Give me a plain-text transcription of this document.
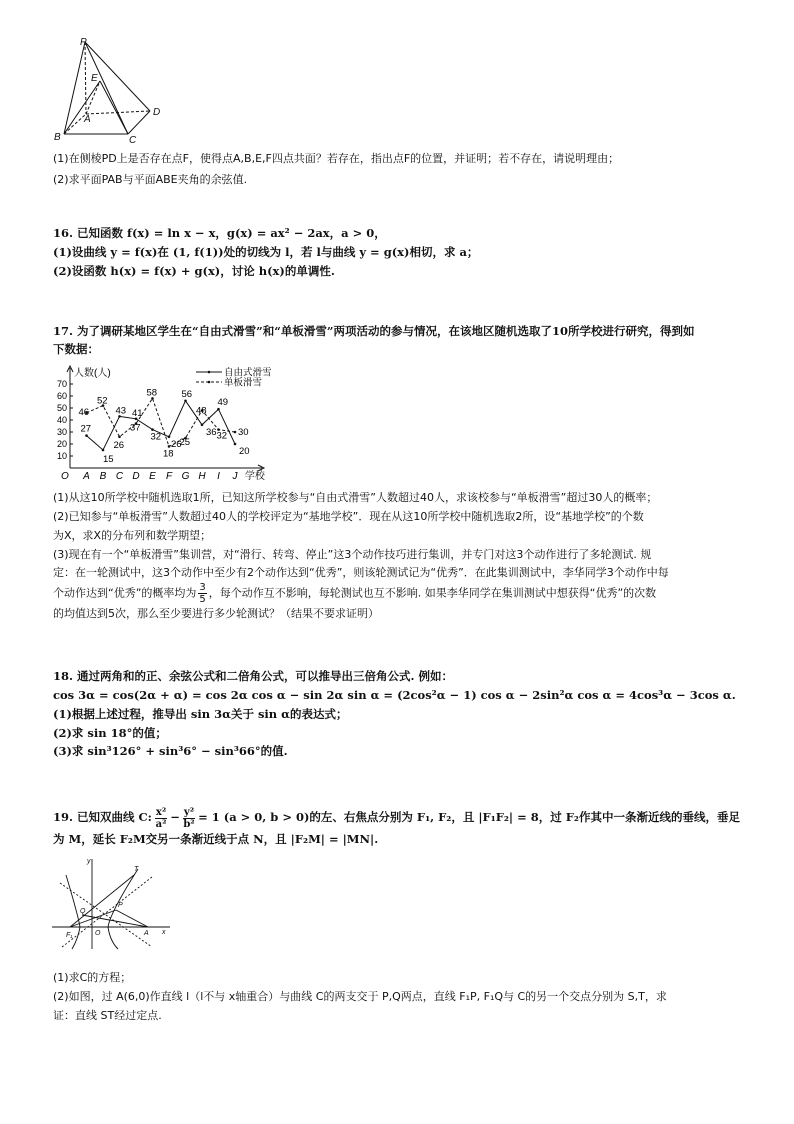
P
E
A
D
B	C
(1)在侧棱PD上是否存在点F，使得点A,B,E,F四点共面？若存在，指出点F的位置，并证明；若不存在，请说明理由；
(2)求平面PAB与平面ABE夹角的余弦值.
16. 已知函数 f(x) = ln x − x，g(x) = ax² − 2ax，a > 0，
(1)设曲线 y = f(x)在 (1, f(1))处的切线为 l，若 l与曲线 y = g(x)相切，求 a；
(2)设函数 h(x) = f(x) + g(x)，讨论 h(x)的单调性.
17. 为了调研某地区学生在“自由式滑雪”和“单板滑雪”两项活动的参与情况，在该地区随机选取了10所学校进行研究，得到如
下数据：
O
人数(人)
学校
10
20
30
40
50
60
70
A B C D E F G H I J
27
15
43 41
32
26
56
36
49
20
46
52
26
37
58
18
25
48
32 30
自由式滑雪
单板滑雪
(1)从这10所学校中随机选取1所，已知这所学校参与“自由式滑雪”人数超过40人，求该校参与“单板滑雪”超过30人的概率；
(2)已知参与“单板滑雪”人数超过40人的学校评定为“基地学校”．现在从这10所学校中随机选取2所，设“基地学校”的个数
为X，求X的分布列和数学期望；
(3)现在有一个“单板滑雪”集训营，对“滑行、转弯、停止”这3个动作技巧进行集训，并专门对这3个动作进行了多轮测试. 规
定：在一轮测试中，这3个动作中至少有2个动作达到“优秀”，则该轮测试记为“优秀”．在此集训测试中，李华同学3个动作中每
个动作达到“优秀”的概率均为 $\frac{3}{5}$ ，每个动作互不影响，每轮测试也互不影响. 如果李华同学在集训测试中想获得“优秀”的次数
的均值达到5次，那么至少要进行多少轮测试？（结果不要求证明）
18. 通过两角和的正、余弦公式和二倍角公式，可以推导出三倍角公式. 例如：
cos 3α = cos(2α + α) = cos 2α cos α − sin 2α sin α = (2cos²α − 1) cos α − 2sin²α cos α = 4cos³α − 3cos α.
(1)根据上述过程，推导出 sin 3α关于 sin α的表达式；
(2)求 sin 18°的值；
(3)求 sin³126° + sin³6° − sin³66°的值.
19. 已知双曲线 C: $\frac{\text{x²}}{\text{a²}} - \frac{\text{y²}}{\text{b²}} = 1$ (a > 0, b > 0)的左、右焦点分别为 F₁, F₂，且 |F₁F₂| = 8，过 F₂作其中一条渐近线的垂线，垂足
为 M，延长 F₂M交另一条渐近线于点 N，且 |F₂M| = |MN|.
y
T
Q
P
F₁	O	A x
(1)求C的方程；
(2)如图，过 A(6,0)作直线 l（l不与 x轴重合）与曲线 C的两支交于 P,Q两点，直线 F₁P, F₁Q与 C的另一个交点分别为 S,T，求
证：直线 ST经过定点.
